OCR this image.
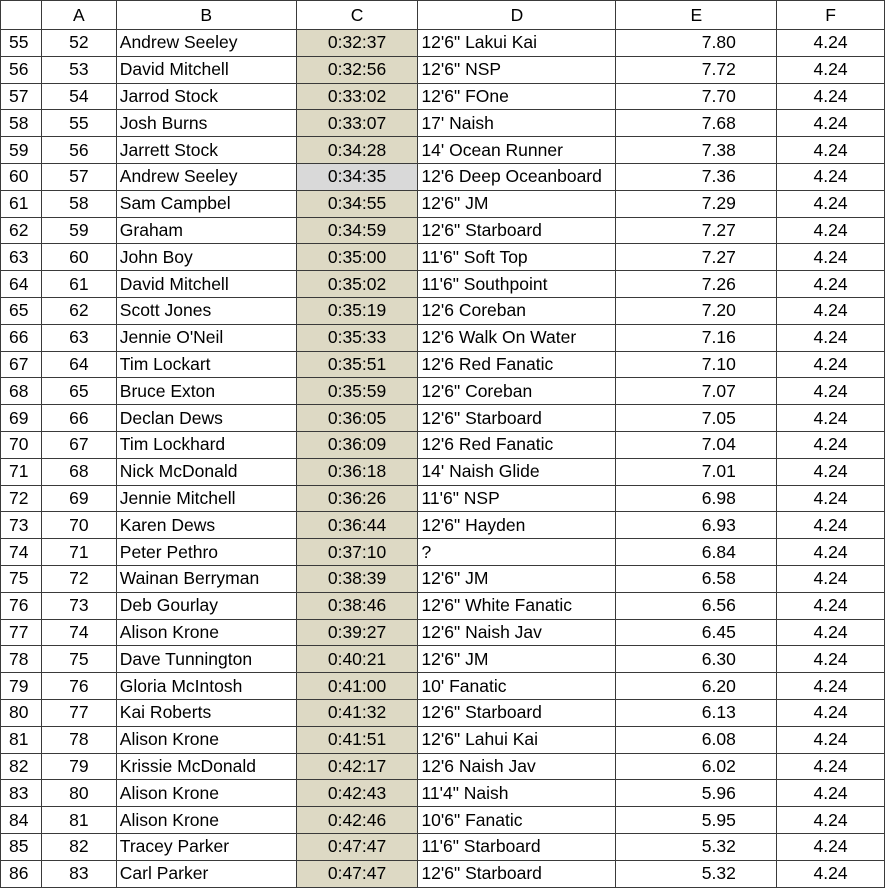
	A	B	C	D	E	F
55	52	Andrew Seeley	0:32:37	12'6" Lakui Kai	7.80	4.24
56	53	David Mitchell	0:32:56	12'6" NSP	7.72	4.24
57	54	Jarrod Stock	0:33:02	12'6" FOne	7.70	4.24
58	55	Josh Burns	0:33:07	17' Naish	7.68	4.24
59	56	Jarrett Stock	0:34:28	14' Ocean Runner	7.38	4.24
60	57	Andrew Seeley	0:34:35	12'6 Deep Oceanboard	7.36	4.24
61	58	Sam Campbel	0:34:55	12'6" JM	7.29	4.24
62	59	Graham	0:34:59	12'6" Starboard	7.27	4.24
63	60	John Boy	0:35:00	11'6" Soft Top	7.27	4.24
64	61	David Mitchell	0:35:02	11'6" Southpoint	7.26	4.24
65	62	Scott Jones	0:35:19	12'6 Coreban	7.20	4.24
66	63	Jennie O'Neil	0:35:33	12'6 Walk On Water	7.16	4.24
67	64	Tim Lockart	0:35:51	12'6 Red Fanatic	7.10	4.24
68	65	Bruce Exton	0:35:59	12'6" Coreban	7.07	4.24
69	66	Declan Dews	0:36:05	12'6" Starboard	7.05	4.24
70	67	Tim Lockhard	0:36:09	12'6 Red Fanatic	7.04	4.24
71	68	Nick McDonald	0:36:18	14' Naish Glide	7.01	4.24
72	69	Jennie Mitchell	0:36:26	11'6" NSP	6.98	4.24
73	70	Karen Dews	0:36:44	12'6" Hayden	6.93	4.24
74	71	Peter Pethro	0:37:10	?	6.84	4.24
75	72	Wainan Berryman	0:38:39	12'6" JM	6.58	4.24
76	73	Deb Gourlay	0:38:46	12'6" White Fanatic	6.56	4.24
77	74	Alison Krone	0:39:27	12'6" Naish Jav	6.45	4.24
78	75	Dave Tunnington	0:40:21	12'6" JM	6.30	4.24
79	76	Gloria McIntosh	0:41:00	10' Fanatic	6.20	4.24
80	77	Kai Roberts	0:41:32	12'6" Starboard	6.13	4.24
81	78	Alison Krone	0:41:51	12'6" Lahui Kai	6.08	4.24
82	79	Krissie McDonald	0:42:17	12'6 Naish Jav	6.02	4.24
83	80	Alison Krone	0:42:43	11'4" Naish	5.96	4.24
84	81	Alison Krone	0:42:46	10'6" Fanatic	5.95	4.24
85	82	Tracey Parker	0:47:47	11'6" Starboard	5.32	4.24
86	83	Carl Parker	0:47:47	12'6" Starboard	5.32	4.24
